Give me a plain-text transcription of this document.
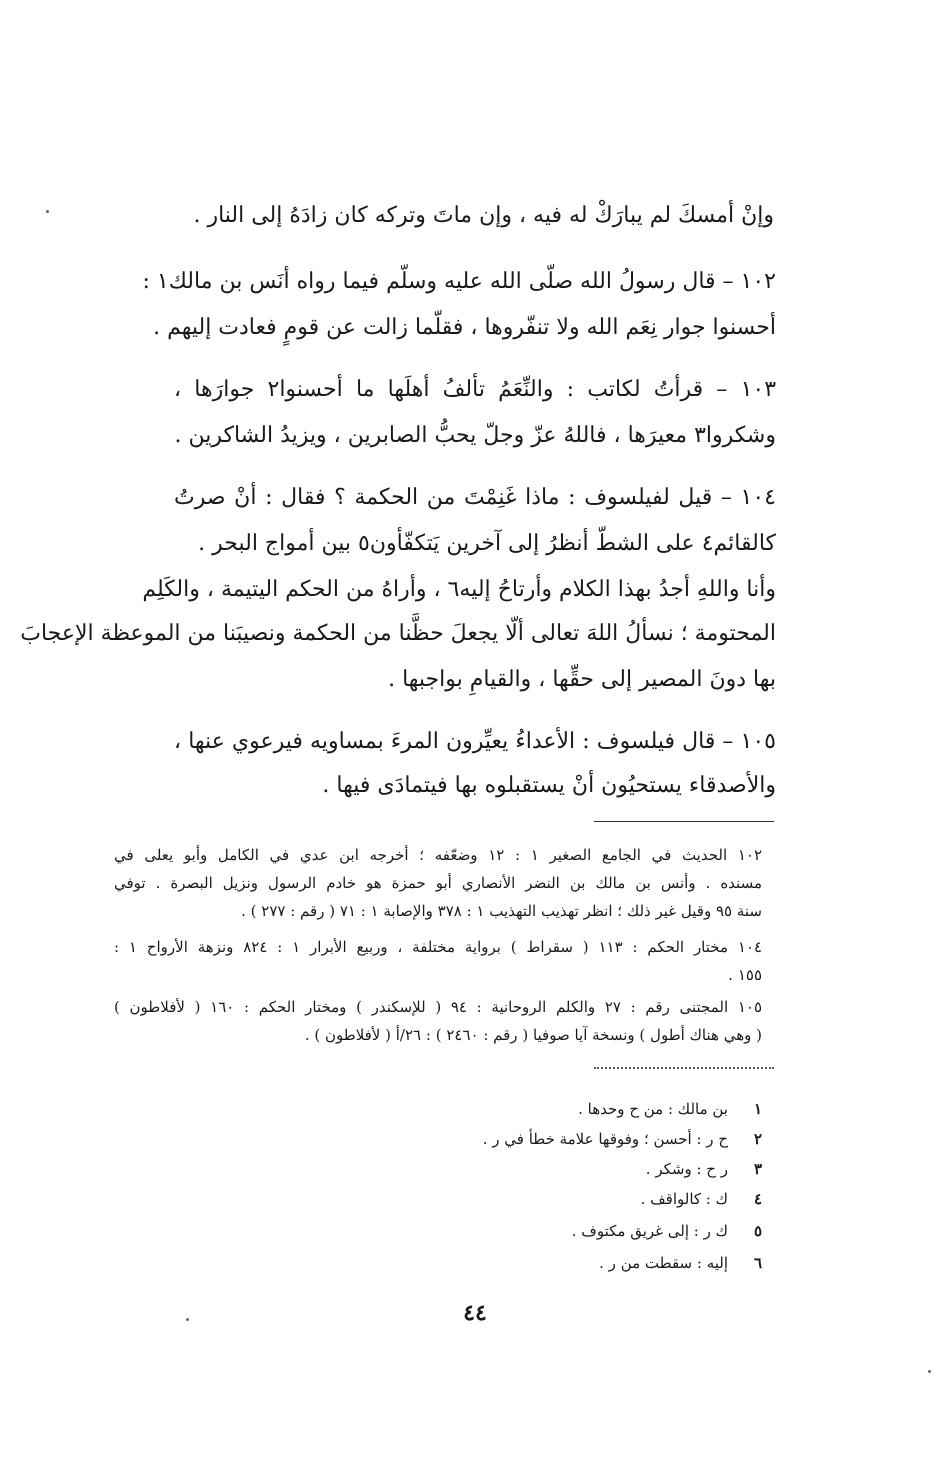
وإنْ أمسكَ لم يبارَكْ له فيه ، وإن ماتَ وتركه كان زادَهُ إلى النار .
١٠٢ – قال رسولُ الله صلّى الله عليه وسلّم فيما رواه أنَس بن مالك١ :
أحسنوا جوار نِعَم الله ولا تنفّروها ، فقلّما زالت عن قومٍ فعادت إليهم .
١٠٣ – قرأتُ لكاتب : والنِّعَمُ تألفُ أهلَها ما أحسنوا٢ جوارَها ،
وشكروا٣ معيرَها ، فاللهُ عزّ وجلّ يحبُّ الصابرين ، ويزيدُ الشاكرين .
١٠٤ – قيل لفيلسوف : ماذا غَنِمْتَ من الحكمة ؟ فقال : أنْ صرتُ
كالقائم٤ على الشطّ أنظرُ إلى آخرين يَتكفّأون٥ بين أمواج البحر .
وأنا واللهِ أجدُ بهذا الكلام وأرتاحُ إليه٦ ، وأراهُ من الحكم اليتيمة ، والكَلِم
المحتومة ؛ نسألُ اللهَ تعالى ألّا يجعلَ حظَّنا من الحكمة ونصيبَنا من الموعظة الإعجابَ
بها دونَ المصير إلى حقِّها ، والقيامِ بواجبها .
١٠٥ – قال فيلسوف : الأعداءُ يعيِّرون المرءَ بمساويه فيرعوي عنها ،
والأصدقاء يستحيُون أنْ يستقبلوه بها فيتمادَى فيها .
١٠٢ الحديث في الجامع الصغير ١ : ١٢ وضعّفه ؛ أخرجه ابن عدي في الكامل وأبو يعلى في
مسنده . وأنس بن مالك بن النضر الأنصاري أبو حمزة هو خادم الرسول ونزيل البصرة . توفي
سنة ٩٥ وقيل غير ذلك ؛ انظر تهذيب التهذيب ١ : ٣٧٨ والإصابة ١ : ٧١ ( رقم : ٢٧٧ ) .
١٠٤ مختار الحكم : ١١٣ ( سقراط ) برواية مختلفة ، وربيع الأبرار ١ : ٨٢٤ ونزهة الأرواح ١ :
١٥٥ .
١٠٥ المجتنى رقم : ٢٧ والكلم الروحانية : ٩٤ ( للإسكندر ) ومختار الحكم : ١٦٠ ( لأفلاطون )
( وهي هناك أطول ) ونسخة آيا صوفيا ( رقم : ٢٤٦٠ ) : ٢٦/أ ( لأفلاطون ) .
١بن مالك : من ح وحدها .
٢ح ر : أحسن ؛ وفوقها علامة خطأ في ر .
٣ر ح : وشكر .
٤ك : كالواقف .
٥ك ر : إلى غريق مكتوف .
٦إليه : سقطت من ر .
٤٤
